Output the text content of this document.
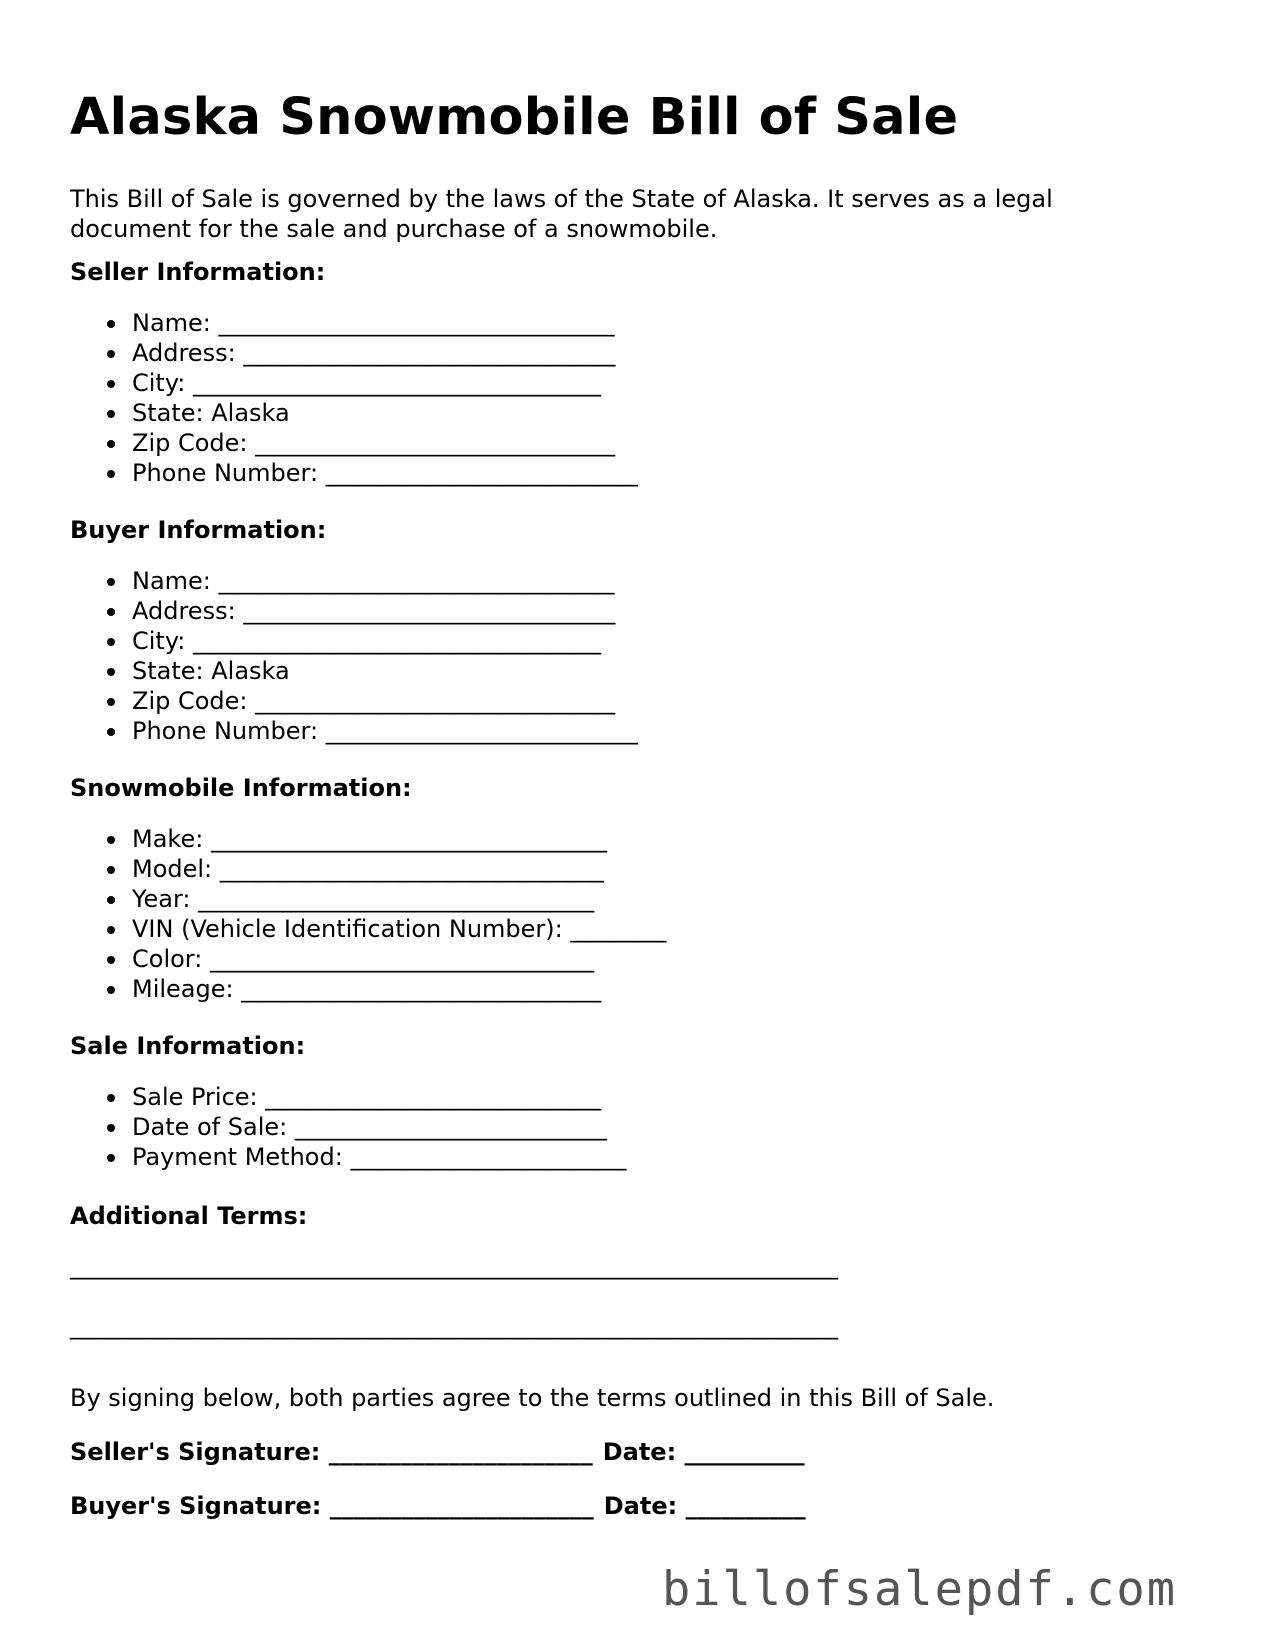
Alaska Snowmobile Bill of Sale

This Bill of Sale is governed by the laws of the State of Alaska. It serves as a legal document for the sale and purchase of a snowmobile.

Seller Information:

Name: _________________________________
Address: _______________________________
City: __________________________________
State: Alaska
Zip Code: ______________________________
Phone Number: __________________________

Buyer Information:

Name: _________________________________
Address: _______________________________
City: __________________________________
State: Alaska
Zip Code: ______________________________
Phone Number: __________________________

Snowmobile Information:

Make: _________________________________
Model: ________________________________
Year: _________________________________
VIN (Vehicle Identification Number): ________
Color: ________________________________
Mileage: ______________________________

Sale Information:

Sale Price: ____________________________
Date of Sale: __________________________
Payment Method: _______________________

Additional Terms:

________________________________________________________________

________________________________________________________________

By signing below, both parties agree to the terms outlined in this Bill of Sale.

Seller's Signature: ______________________ Date: __________

Buyer's Signature: ______________________ Date: __________

billofsalepdf.com
